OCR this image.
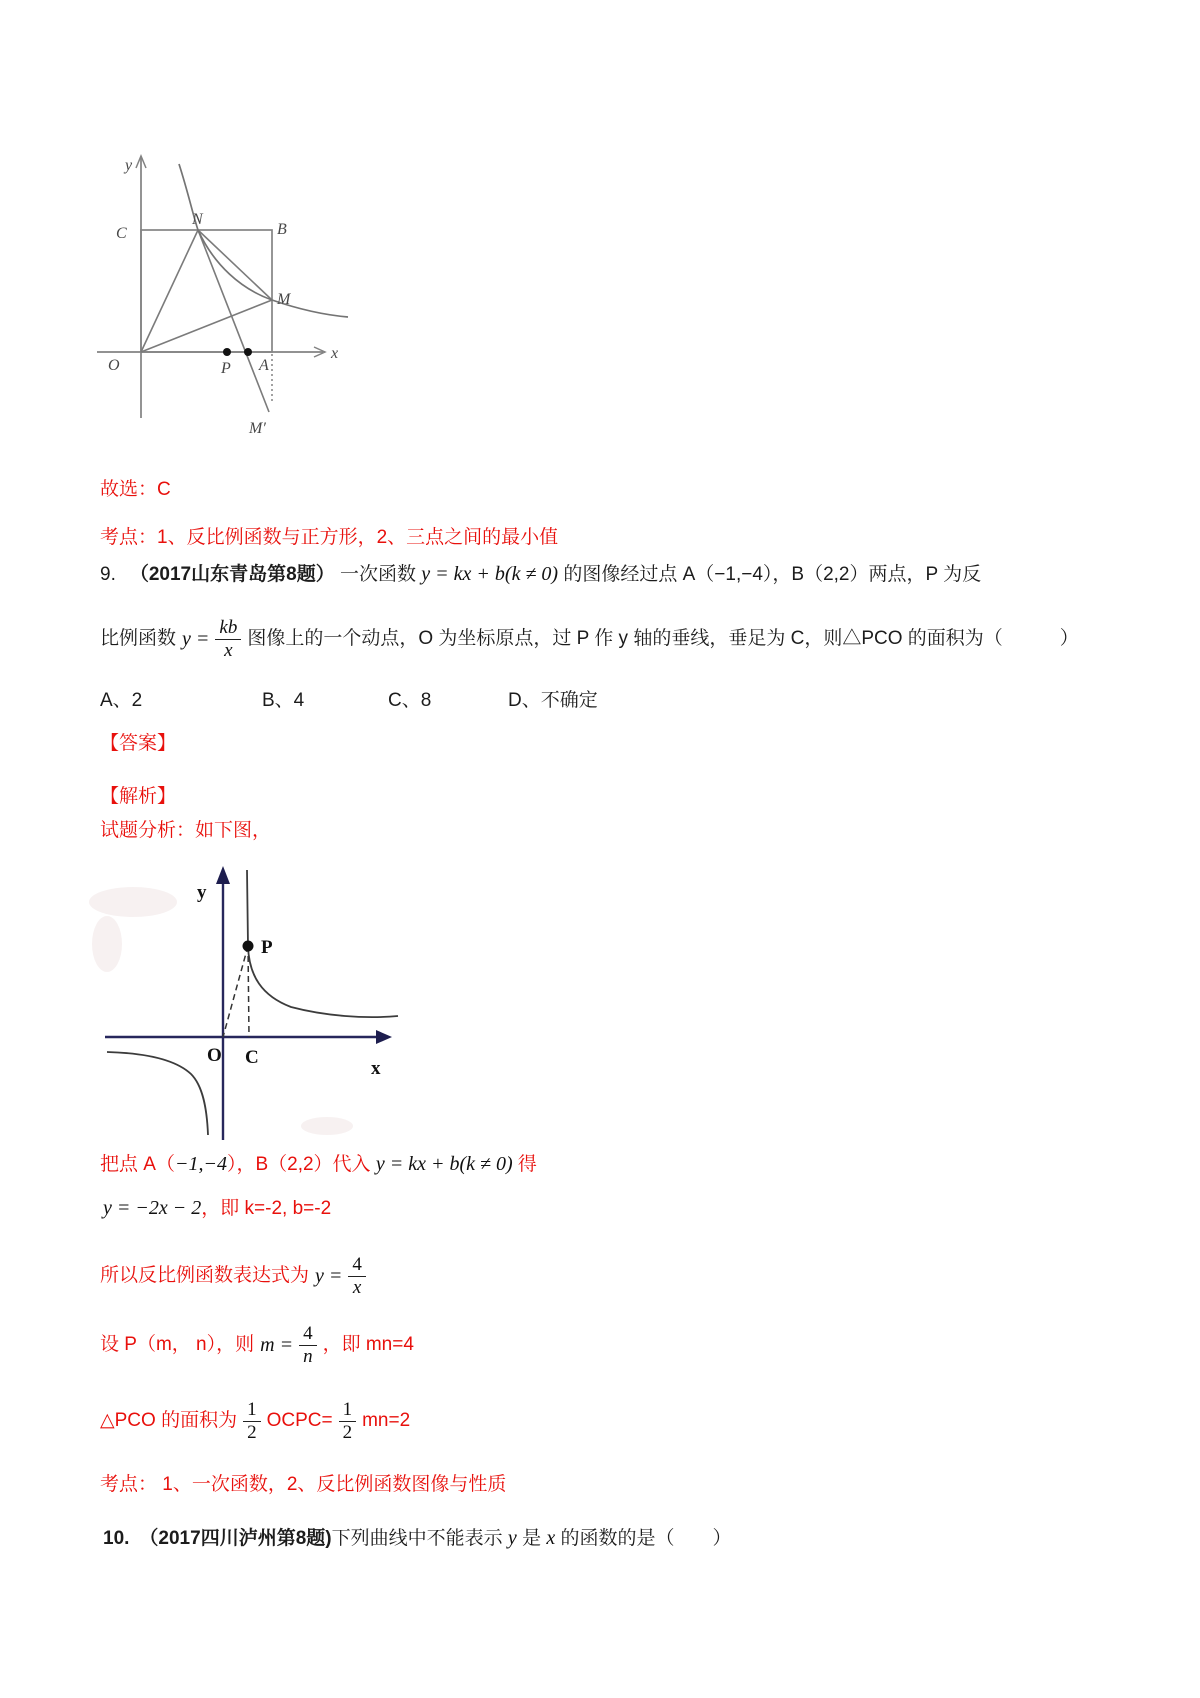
y
x
O
C
N
B
M
P A
M′
故选：C
考点：1、反比例函数与正方形，2、三点之间的最小值
9. （2017山东青岛第8题） 一次函数 y = kx + b(k ≠ 0) 的图像经过点 A（−1,−4），B（2,2）两点，P 为反
比例函数 $y = \frac{kb}{x}$ 图像上的一个动点，O 为坐标原点，过 P 作 y 轴的垂线，垂足为 C，则△PCO 的面积为（　　　）
A、2	B、4	C、8	D、不确定
【答案】
【解析】
试题分析：如下图，
y
x
O C
P
把点 A（−1,−4），B（2,2）代入 y = kx + b(k ≠ 0) 得
y = −2x − 2，即 k=-2, b=-2
所以反比例函数表达式为 $y = \frac{4}{x}$
设 P（m， n），则 $m = \frac{4}{n}$ ，即 mn=4
△PCO 的面积为 $\frac{1}{2}$ OCPC= $\frac{1}{2} mn=2$
考点： 1、一次函数，2、反比例函数图像与性质
10. （2017四川泸州第8题)下列曲线中不能表示 y 是 x 的函数的是（　　）
